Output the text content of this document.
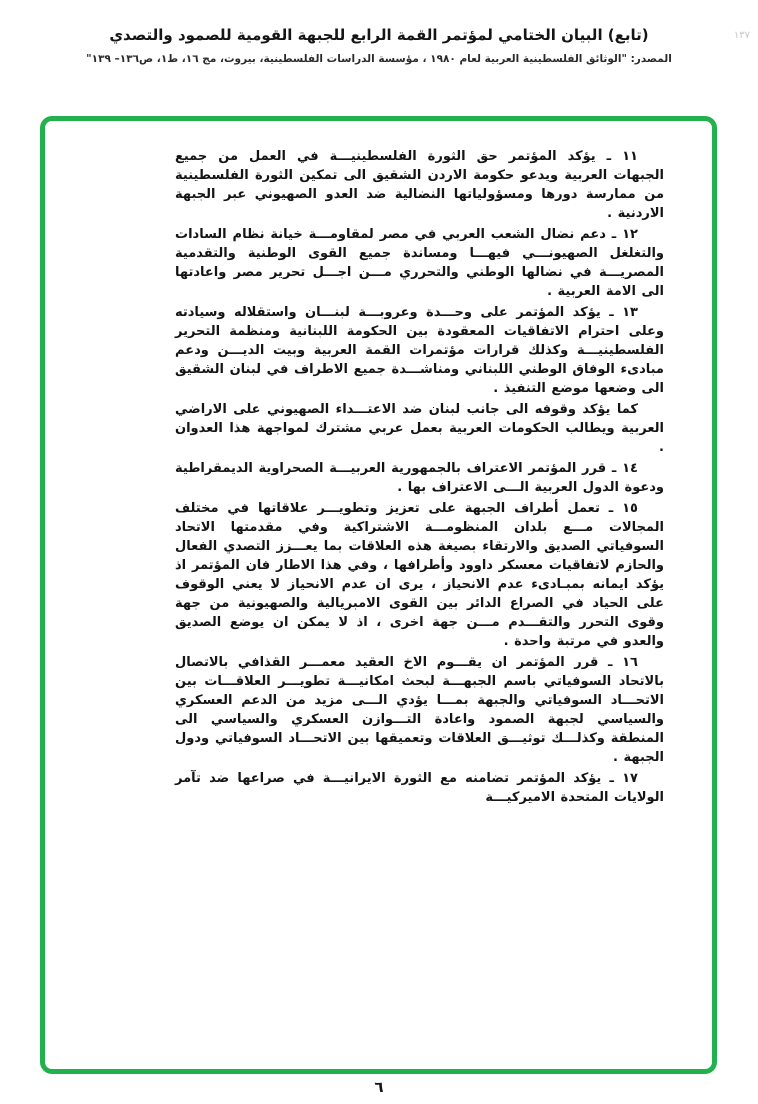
١٣٧
(تابع) البيان الختامي لمؤتمر القمة الرابع للجبهة القومية للصمود والتصدي
المصدر: "الوثائق الفلسطينية العربية لعام ١٩٨٠ ، مؤسسة الدراسات الفلسطينية، بيروت، مج ١٦، ط١، ص١٣٦– ١٣٩"

١١ ـ يؤكد المؤتمر حق الثورة الفلسطينيـــة في العمل من جميع الجبهات العربية ويدعو حكومة الاردن الشقيق الى تمكين الثورة الفلسطينية من ممارسة دورها ومسؤولياتها النضالية ضد العدو الصهيوني عبر الجبهة الاردنية .

١٢ ـ دعم نضال الشعب العربي في مصر لمقاومـــة خيانة نظام السادات والتغلغل الصهيونـــي فيهـــا ومساندة جميع القوى الوطنية والتقدمية المصريـــة في نضالها الوطني والتحرري مـــن اجـــل تحرير مصر واعادتها الى الامة العربية .

١٣ ـ يؤكد المؤتمر على وحـــدة وعروبـــة لبنـــان واستقلاله وسيادته وعلى احترام الاتفاقيات المعقودة بين الحكومة اللبنانية ومنظمة التحرير الفلسطينيـــة وكذلك قرارات مؤتمرات القمة العربية وبيت الديـــن ودعم مبادىء الوفاق الوطني اللبناني ومناشـــدة جميع الاطراف في لبنان الشقيق الى وضعها موضع التنفيذ .

كما يؤكد وقوفه الى جانب لبنان ضد الاعتـــداء الصهيوني على الاراضي العربية ويطالب الحكومات العربية بعمل عربي مشترك لمواجهة هذا العدوان .

١٤ ـ قرر المؤتمر الاعتراف بالجمهورية العربيـــة الصحراوية الديمقراطية ودعوة الدول العربية الـــى الاعتراف بها .

١٥ ـ تعمل أطراف الجبهة على تعزيز وتطويـــر علاقاتها في مختلف المجالات مـــع بلدان المنظومـــة الاشتراكية وفي مقدمتها الاتحاد السوفياتي الصديق والارتقاء بصيغة هذه العلاقات بما يعـــزز التصدي الفعال والحازم لاتفاقيات معسكر داوود وأطرافها ، وفي هذا الاطار فان المؤتمر اذ يؤكد ايمانه بمبـادىء عدم الانحياز ، يرى ان عدم الانحياز لا يعني الوقوف على الحياد في الصراع الدائر بين القوى الامبريالية والصهيونية من جهة وقوى التحرر والتقـــدم مـــن جهة اخرى ، اذ لا يمكن ان يوضع الصديق والعدو في مرتبة واحدة .

١٦ ـ قرر المؤتمر ان يقـــوم الاخ العقيد معمـــر القذافي بالاتصال بالاتحاد السوفياتي باسم الجبهـــة لبحث امكانيـــة تطويـــر العلاقـــات بين الاتحـــاد السوفياتي والجبهة بمـــا يؤدي الـــى مزيد من الدعم العسكري والسياسي لجبهة الصمود واعادة التـــوازن العسكري والسياسي الى المنطقة وكذلـــك توثيـــق العلاقات وتعميقها بين الاتحـــاد السوفياتي ودول الجبهة .

١٧ ـ يؤكد المؤتمر تضامنه مع الثورة الايرانيـــة في صراعها ضد تآمر الولايات المتحدة الاميركيـــة

٦
